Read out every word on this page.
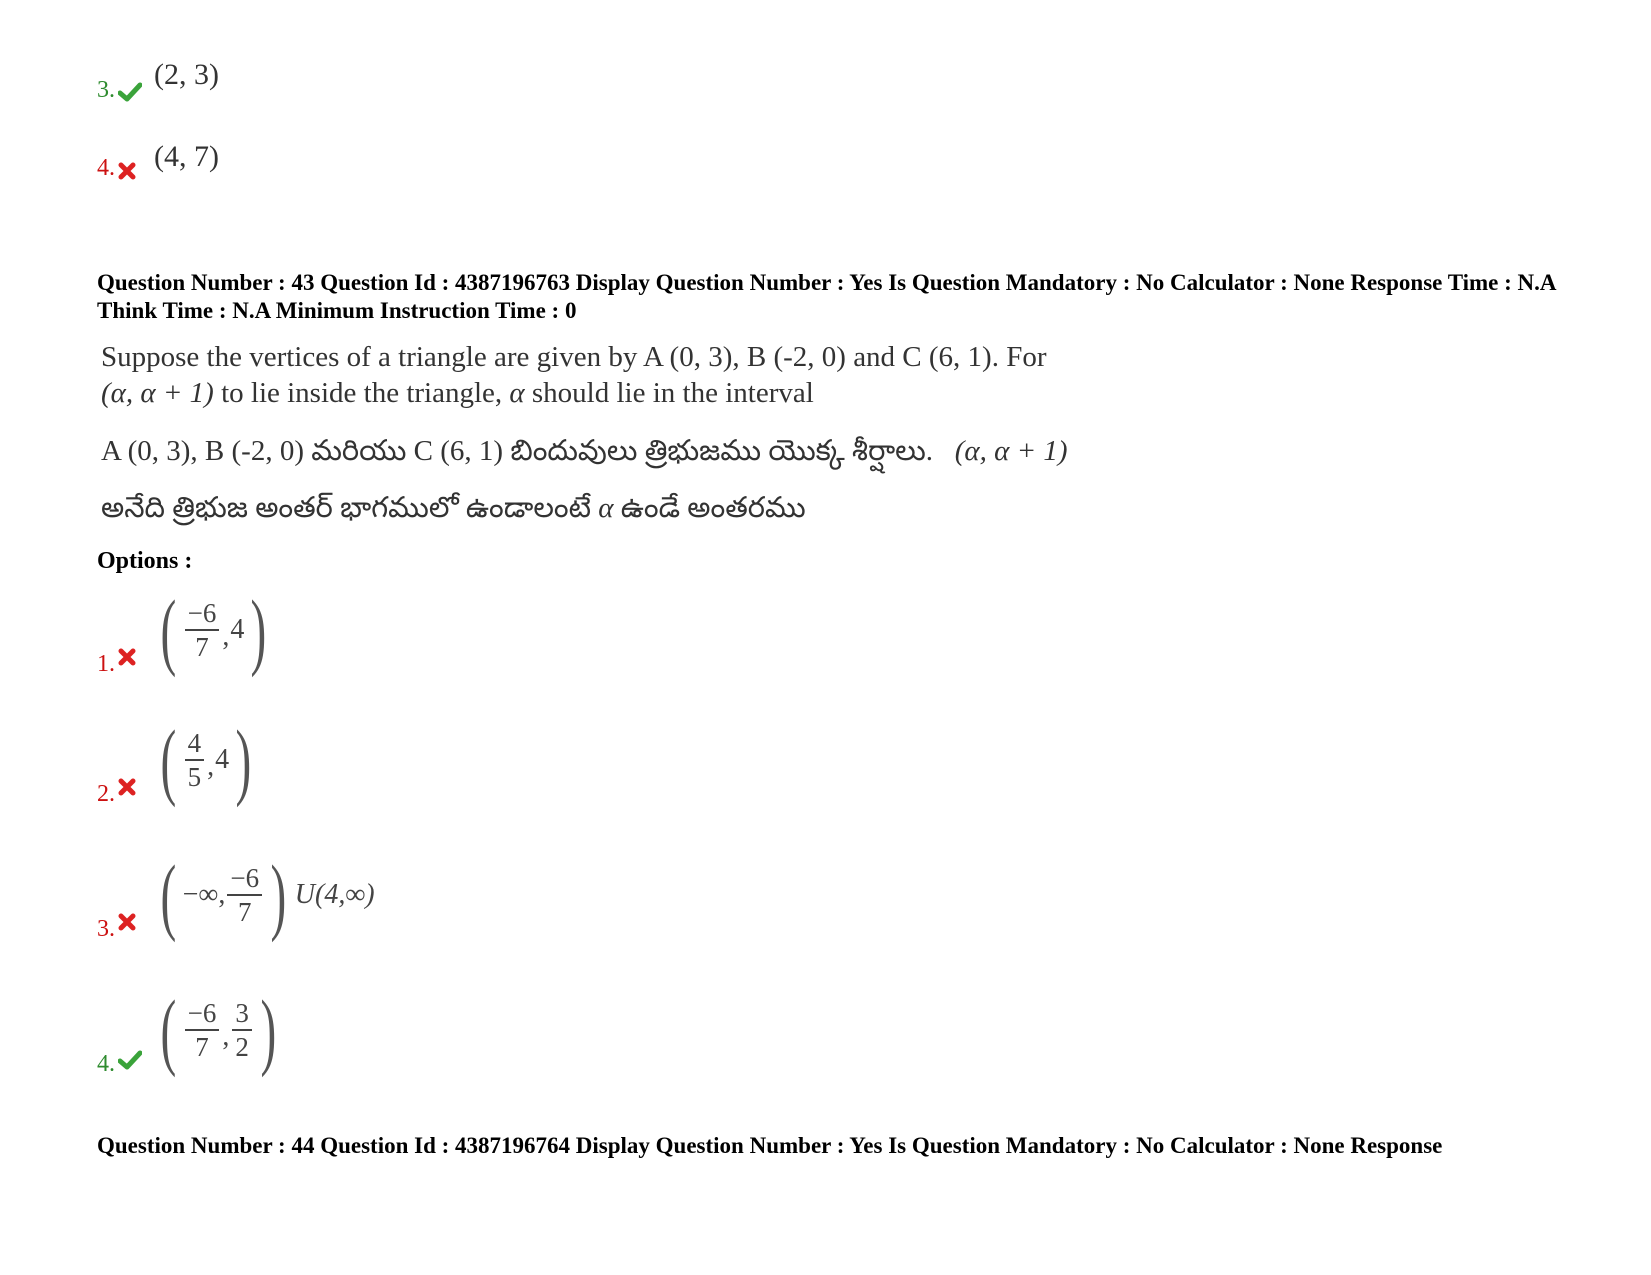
3. (2, 3)
4. (4, 7)
Question Number : 43 Question Id : 4387196763 Display Question Number : Yes Is Question Mandatory : No Calculator : None Response Time : N.A Think Time : N.A Minimum Instruction Time : 0
Suppose the vertices of a triangle are given by A (0, 3), B (-2, 0) and C (6, 1). For
(α, α + 1) to lie inside the triangle, α should lie in the interval
A (0, 3), B (-2, 0) మరియు C (6, 1) బిందువులు త్రిభుజము యొక్క శీర్షాలు. (α, α + 1)
అనేది త్రిభుజ అంతర్ భాగములో ఉండాలంటే α ఉండే అంతరము
Options :
1. ( $\frac{-6}{7}$ , 4 )
2. ( $\frac{4}{5}$ , 4 )
3. ( −∞, $\frac{-6}{7}$ ) U(4,∞)
4. ( $\frac{-6}{7}$ , $\frac{3}{2}$ )
Question Number : 44 Question Id : 4387196764 Display Question Number : Yes Is Question Mandatory : No Calculator : None Response
